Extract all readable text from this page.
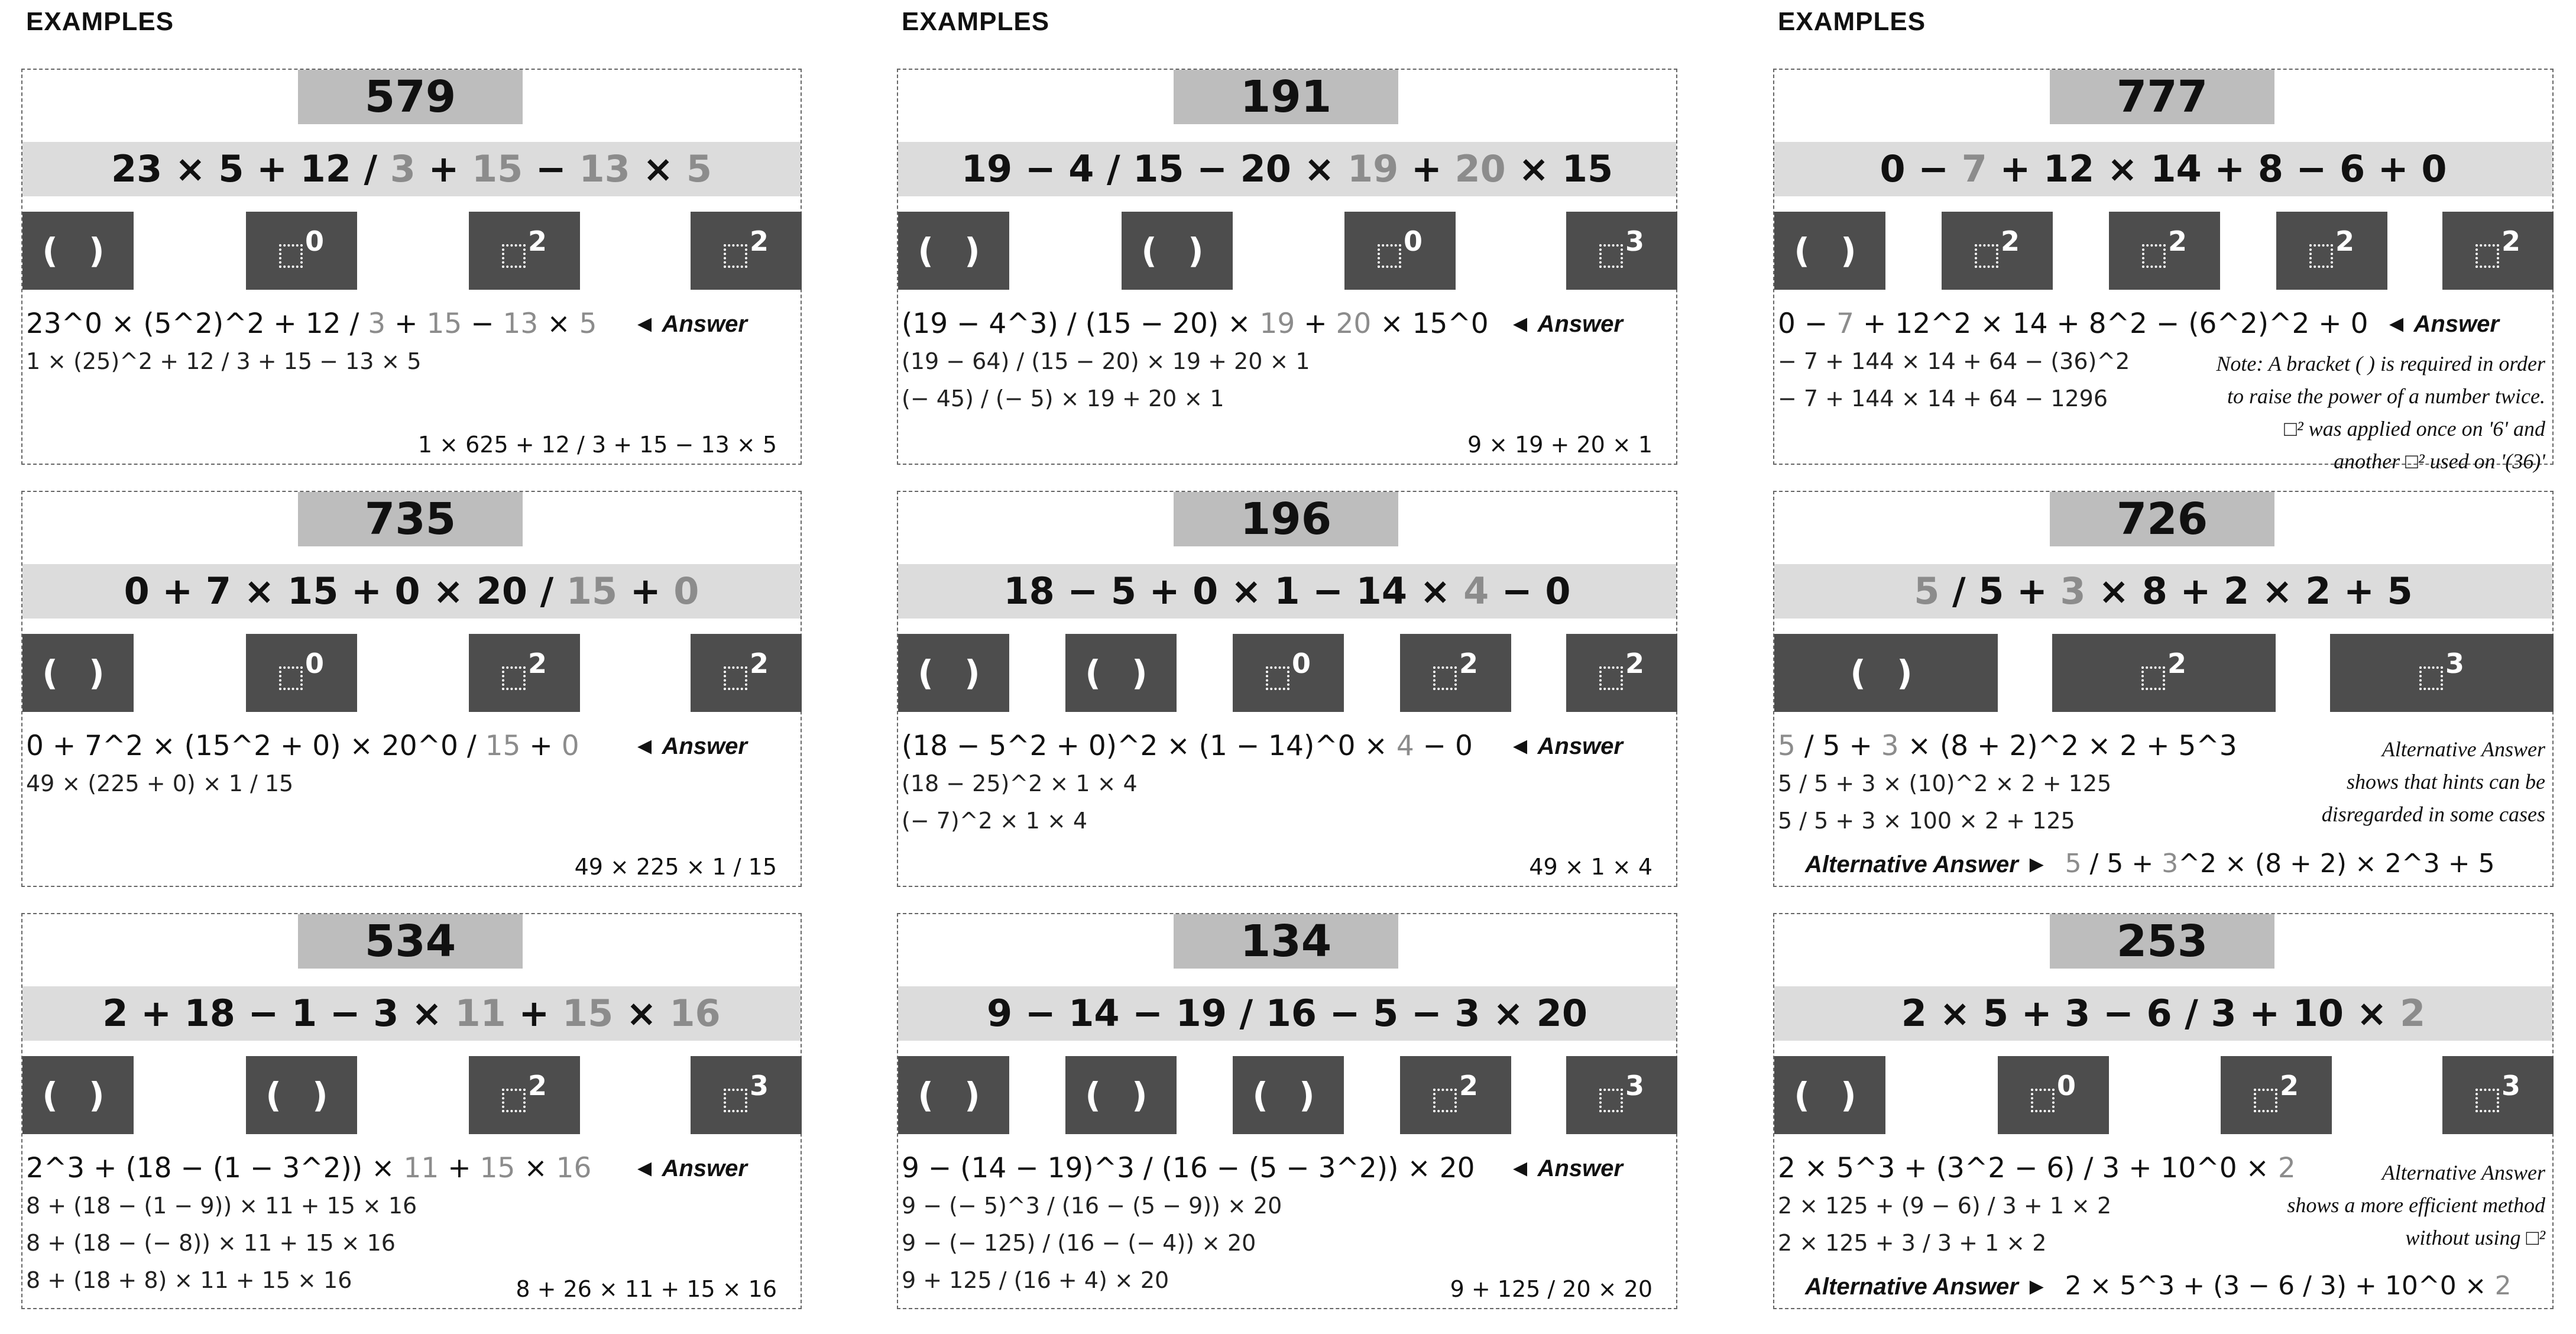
EXAMPLES
579
23 × 5 + 12 / 3 + 15 − 13 × 5
( )	0	2	2
◄ Answer
23^0 × (5^2)^2 + 12 / 3 + 15 − 13 × 5
1 × (25)^2 + 12 / 3 + 15 − 13 × 5
1 × 625 + 12 / 3 + 15 − 13 × 5
735
0 + 7 × 15 + 0 × 20 / 15 + 0
( )	0	2	2
◄ Answer
0 + 7^2 × (15^2 + 0) × 20^0 / 15 + 0
49 × (225 + 0) × 1 / 15
49 × 225 × 1 / 15
534
2 + 18 − 1 − 3 × 11 + 15 × 16
( )	( )	2	3
◄ Answer
2^3 + (18 − (1 − 3^2)) × 11 + 15 × 16
8 + (18 − (1 − 9)) × 11 + 15 × 16
8 + (18 − (− 8)) × 11 + 15 × 16
8 + (18 + 8) × 11 + 15 × 16	8 + 26 × 11 + 15 × 16
EXAMPLES
191
19 − 4 / 15 − 20 × 19 + 20 × 15
( )	( )	0	3
◄ Answer
(19 − 4^3) / (15 − 20) × 19 + 20 × 15^0
(19 − 64) / (15 − 20) × 19 + 20 × 1
(− 45) / (− 5) × 19 + 20 × 1
9 × 19 + 20 × 1
196
18 − 5 + 0 × 1 − 14 × 4 − 0
( )	( )	0	2	2
◄ Answer
(18 − 5^2 + 0)^2 × (1 − 14)^0 × 4 − 0
(18 − 25)^2 × 1 × 4
(− 7)^2 × 1 × 4
49 × 1 × 4
134
9 − 14 − 19 / 16 − 5 − 3 × 20
( )	( )	( )	2	3
◄ Answer
9 − (14 − 19)^3 / (16 − (5 − 3^2)) × 20
9 − (− 5)^3 / (16 − (5 − 9)) × 20
9 − (− 125) / (16 − (− 4)) × 20
9 + 125 / (16 + 4) × 20	9 + 125 / 20 × 20
EXAMPLES
777
0 − 7 + 12 × 14 + 8 − 6 + 0
( )	2	2	2	2
◄ Answer
0 − 7 + 12^2 × 14 + 8^2 − (6^2)^2 + 0
− 7 + 144 × 14 + 64 − (36)^2
− 7 + 144 × 14 + 64 − 1296
Note: A bracket ( ) is required in order
to raise the power of a number twice.
□² was applied once on '6' and
another □² used on '(36)'
726
5 / 5 + 3 × 8 + 2 × 2 + 5
( )	2	3
5 / 5 + 3 × (8 + 2)^2 × 2 + 5^3
5 / 5 + 3 × (10)^2 × 2 + 125
5 / 5 + 3 × 100 × 2 + 125
Alternative Answer
shows that hints can be
disregarded in some cases
Alternative Answer ► 5 / 5 + 3^2 × (8 + 2) × 2^3 + 5
253
2 × 5 + 3 − 6 / 3 + 10 × 2
( )	0	2	3
2 × 5^3 + (3^2 − 6) / 3 + 10^0 × 2
2 × 125 + (9 − 6) / 3 + 1 × 2
2 × 125 + 3 / 3 + 1 × 2
Alternative Answer
shows a more efficient method
without using □²
Alternative Answer ► 2 × 5^3 + (3 − 6 / 3) + 10^0 × 2
